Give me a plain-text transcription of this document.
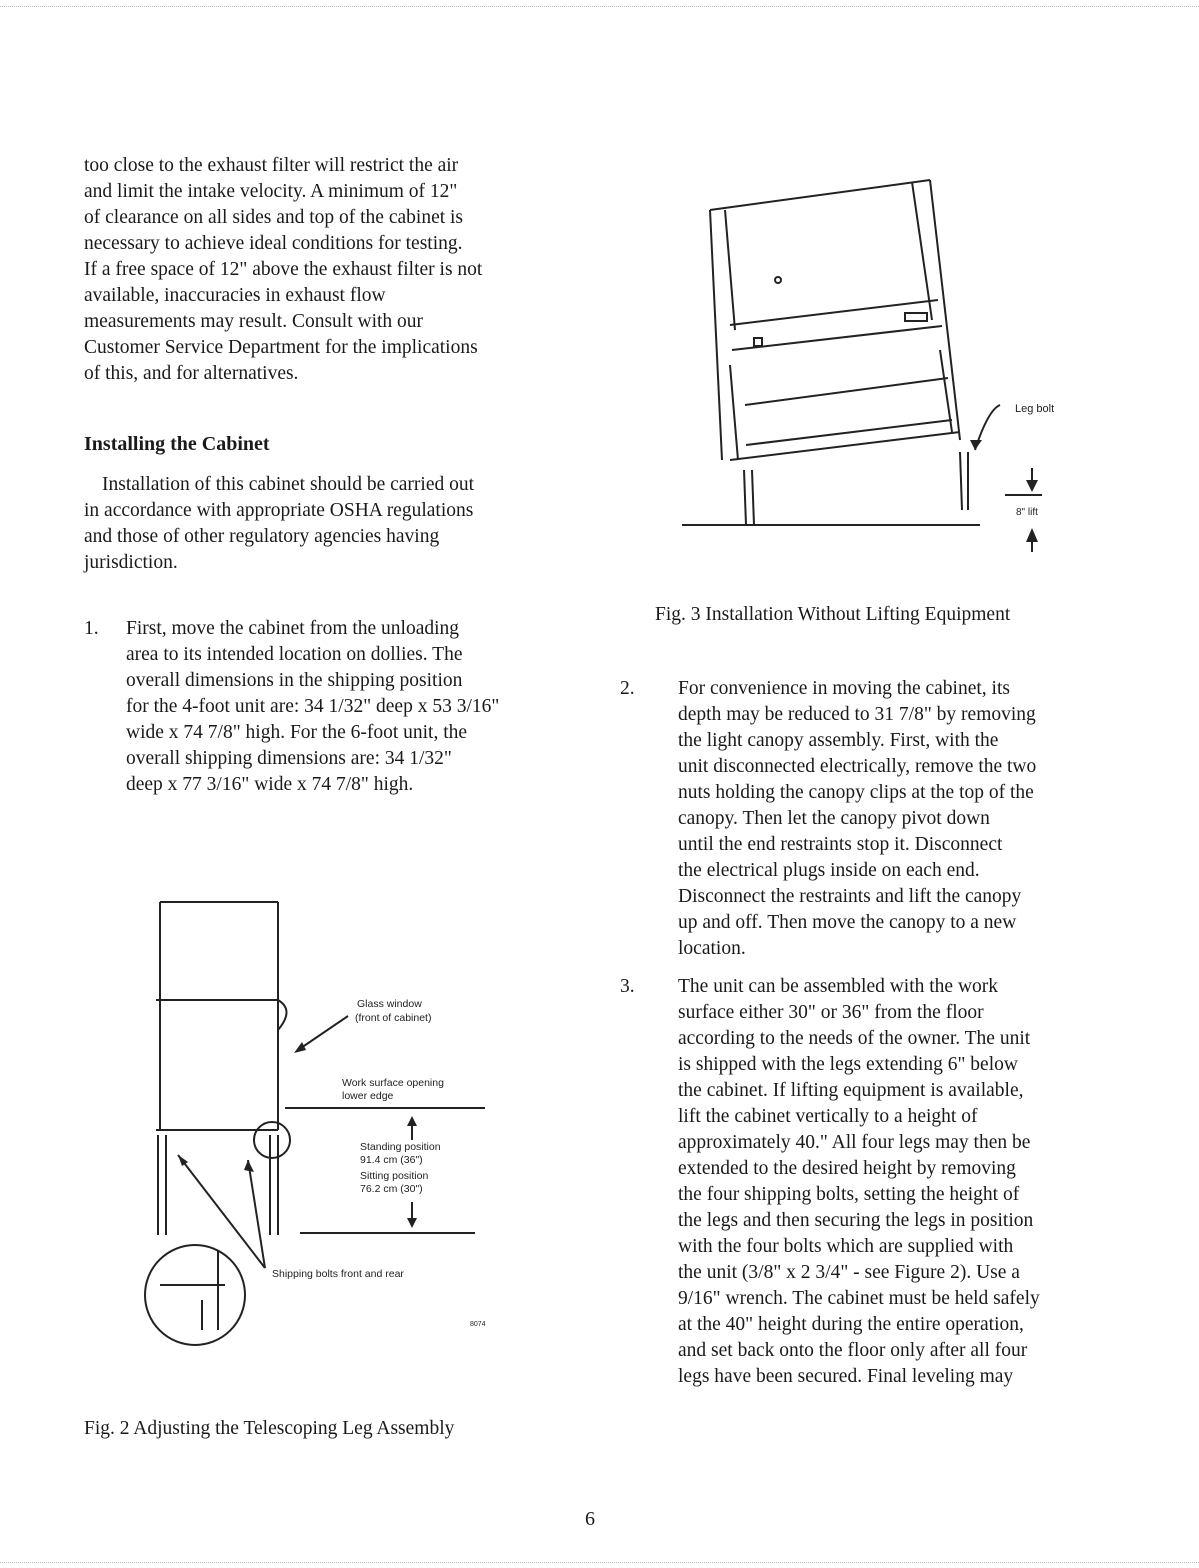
too close to the exhaust filter will restrict the air
and limit the intake velocity. A minimum of 12"
of clearance on all sides and top of the cabinet is
necessary to achieve ideal conditions for testing.
If a free space of 12" above the exhaust filter is not
available, inaccuracies in exhaust flow
measurements may result. Consult with our
Customer Service Department for the implications
of this, and for alternatives.
Installing the Cabinet
Installation of this cabinet should be carried out
in accordance with appropriate OSHA regulations
and those of other regulatory agencies having
jurisdiction.
1. First, move the cabinet from the unloading
area to its intended location on dollies. The
overall dimensions in the shipping position
for the 4-foot unit are: 34 1/32" deep x 53 3/16"
wide x 74 7/8" high. For the 6-foot unit, the
overall shipping dimensions are: 34 1/32"
deep x 77 3/16" wide x 74 7/8" high.
Glass window
(front of cabinet)
Work surface opening
lower edge
Standing position
91.4 cm (36")
Sitting position
76.2 cm (30")
Shipping bolts front and rear
8074
Fig. 2 Adjusting the Telescoping Leg Assembly
Leg bolt
8" lift
Fig. 3 Installation Without Lifting Equipment
2. For convenience in moving the cabinet, its
depth may be reduced to 31 7/8" by removing
the light canopy assembly. First, with the
unit disconnected electrically, remove the two
nuts holding the canopy clips at the top of the
canopy. Then let the canopy pivot down
until the end restraints stop it. Disconnect
the electrical plugs inside on each end.
Disconnect the restraints and lift the canopy
up and off. Then move the canopy to a new
location.
3. The unit can be assembled with the work
surface either 30" or 36" from the floor
according to the needs of the owner. The unit
is shipped with the legs extending 6" below
the cabinet. If lifting equipment is available,
lift the cabinet vertically to a height of
approximately 40." All four legs may then be
extended to the desired height by removing
the four shipping bolts, setting the height of
the legs and then securing the legs in position
with the four bolts which are supplied with
the unit (3/8" x 2 3/4" - see Figure 2). Use a
9/16" wrench. The cabinet must be held safely
at the 40" height during the entire operation,
and set back onto the floor only after all four
legs have been secured. Final leveling may
6
